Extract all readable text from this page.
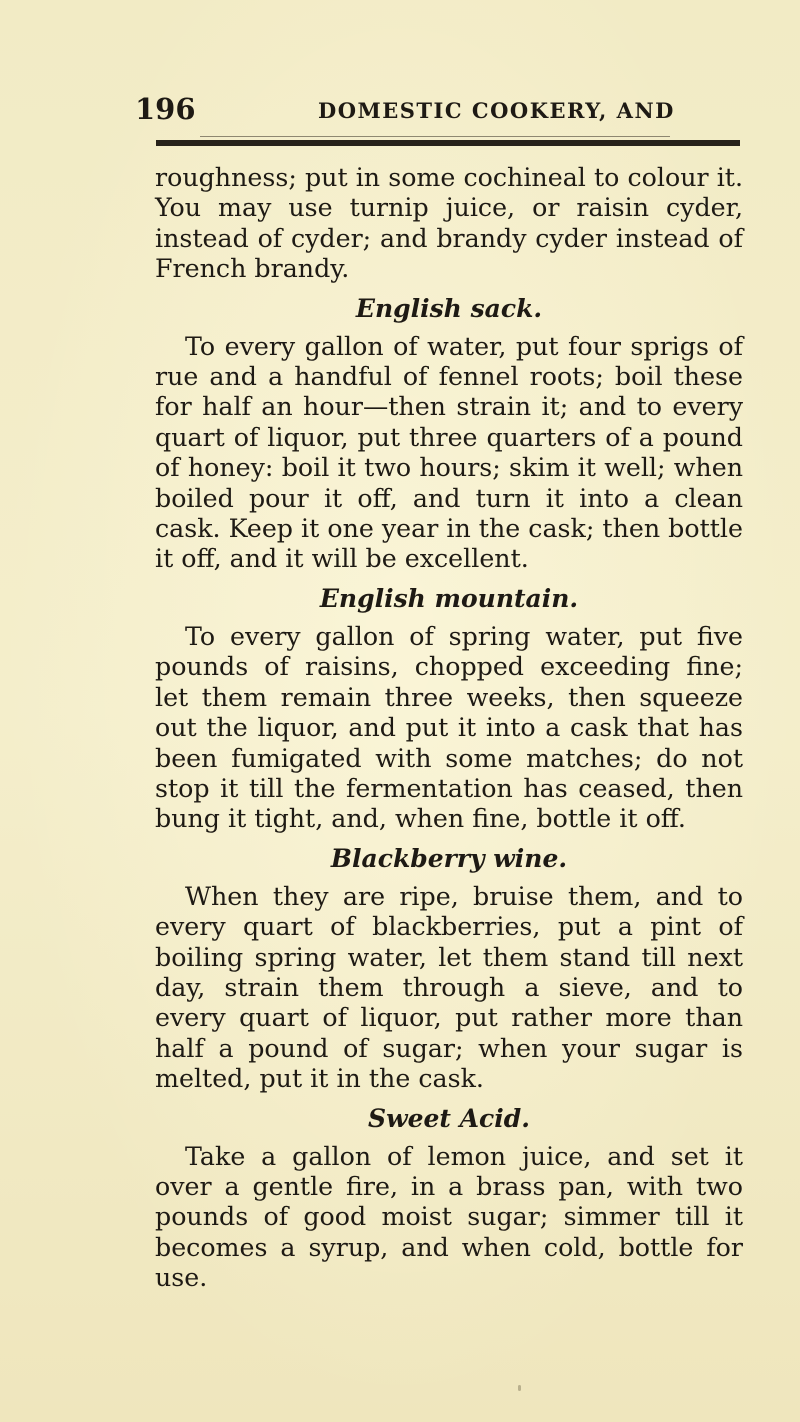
196	DOMESTIC COOKERY, AND

roughness; put in some cochineal to colour it. You may use turnip juice, or raisin cyder, instead of cyder; and brandy cyder instead of French brandy.

English sack.

To every gallon of water, put four sprigs of rue and a handful of fennel roots; boil these for half an hour—then strain it; and to every quart of liquor, put three quarters of a pound of honey: boil it two hours; skim it well; when boiled pour it off, and turn it into a clean cask. Keep it one year in the cask; then bottle it off, and it will be excellent.

English mountain.

To every gallon of spring water, put five pounds of raisins, chopped exceeding fine; let them remain three weeks, then squeeze out the liquor, and put it into a cask that has been fumigated with some matches; do not stop it till the fermentation has ceased, then bung it tight, and, when fine, bottle it off.

Blackberry wine.

When they are ripe, bruise them, and to every quart of blackberries, put a pint of boiling spring water, let them stand till next day, strain them through a sieve, and to every quart of liquor, put rather more than half a pound of sugar; when your sugar is melted, put it in the cask.

Sweet Acid.

Take a gallon of lemon juice, and set it over a gentle fire, in a brass pan, with two pounds of good moist sugar; simmer till it becomes a syrup, and when cold, bottle for use.
